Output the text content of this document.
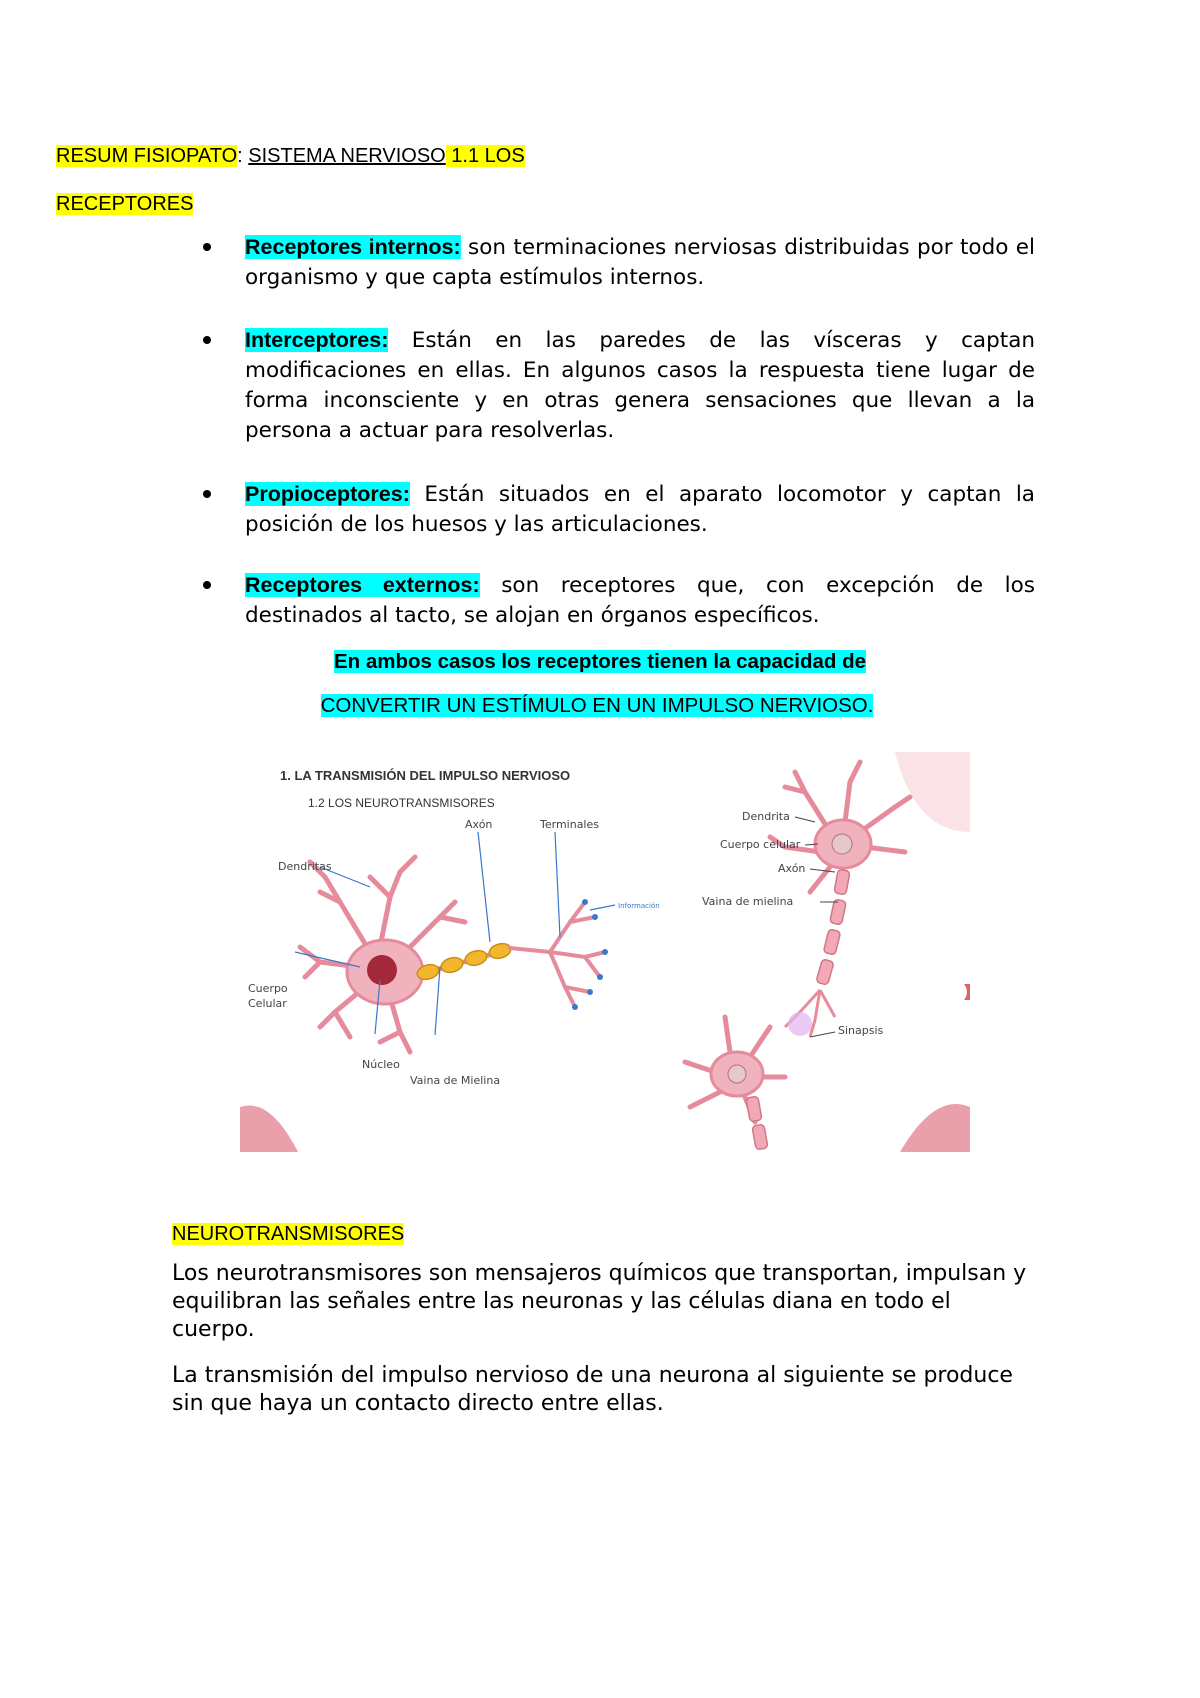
RESUM FISIOPATO: SISTEMA NERVIOSO 1.1 LOS
RECEPTORES
Receptores internos: son terminaciones nerviosas distribuidas por todo el organismo y que capta estímulos internos.
Interceptores: Están en las paredes de las vísceras y captan modificaciones en ellas. En algunos casos la respuesta tiene lugar de forma inconsciente y en otras genera sensaciones que llevan a la persona a actuar para resolverlas.
Propioceptores: Están situados en el aparato locomotor y captan la posición de los huesos y las articulaciones.
Receptores externos: son receptores que, con excepción de los destinados al tacto, se alojan en órganos específicos.
En ambos casos los receptores tienen la capacidad de
CONVERTIR UN ESTÍMULO EN UN IMPULSO NERVIOSO.
1. LA TRANSMISIÓN DEL IMPULSO NERVIOSO
1.2 LOS NEUROTRANSMISORES
Dendritas
Axón	Terminales
Información
Cuerpo
Celular
Núcleo
Vaina de Mielina
Dendrita
Cuerpo celular
Axón
Vaina de mielina
Sinapsis
NEUROTRANSMISORES
Los neurotransmisores son mensajeros químicos que transportan, impulsan y equilibran las señales entre las neuronas y las células diana en todo el cuerpo.
La transmisión del impulso nervioso de una neurona al siguiente se produce sin que haya un contacto directo entre ellas.
